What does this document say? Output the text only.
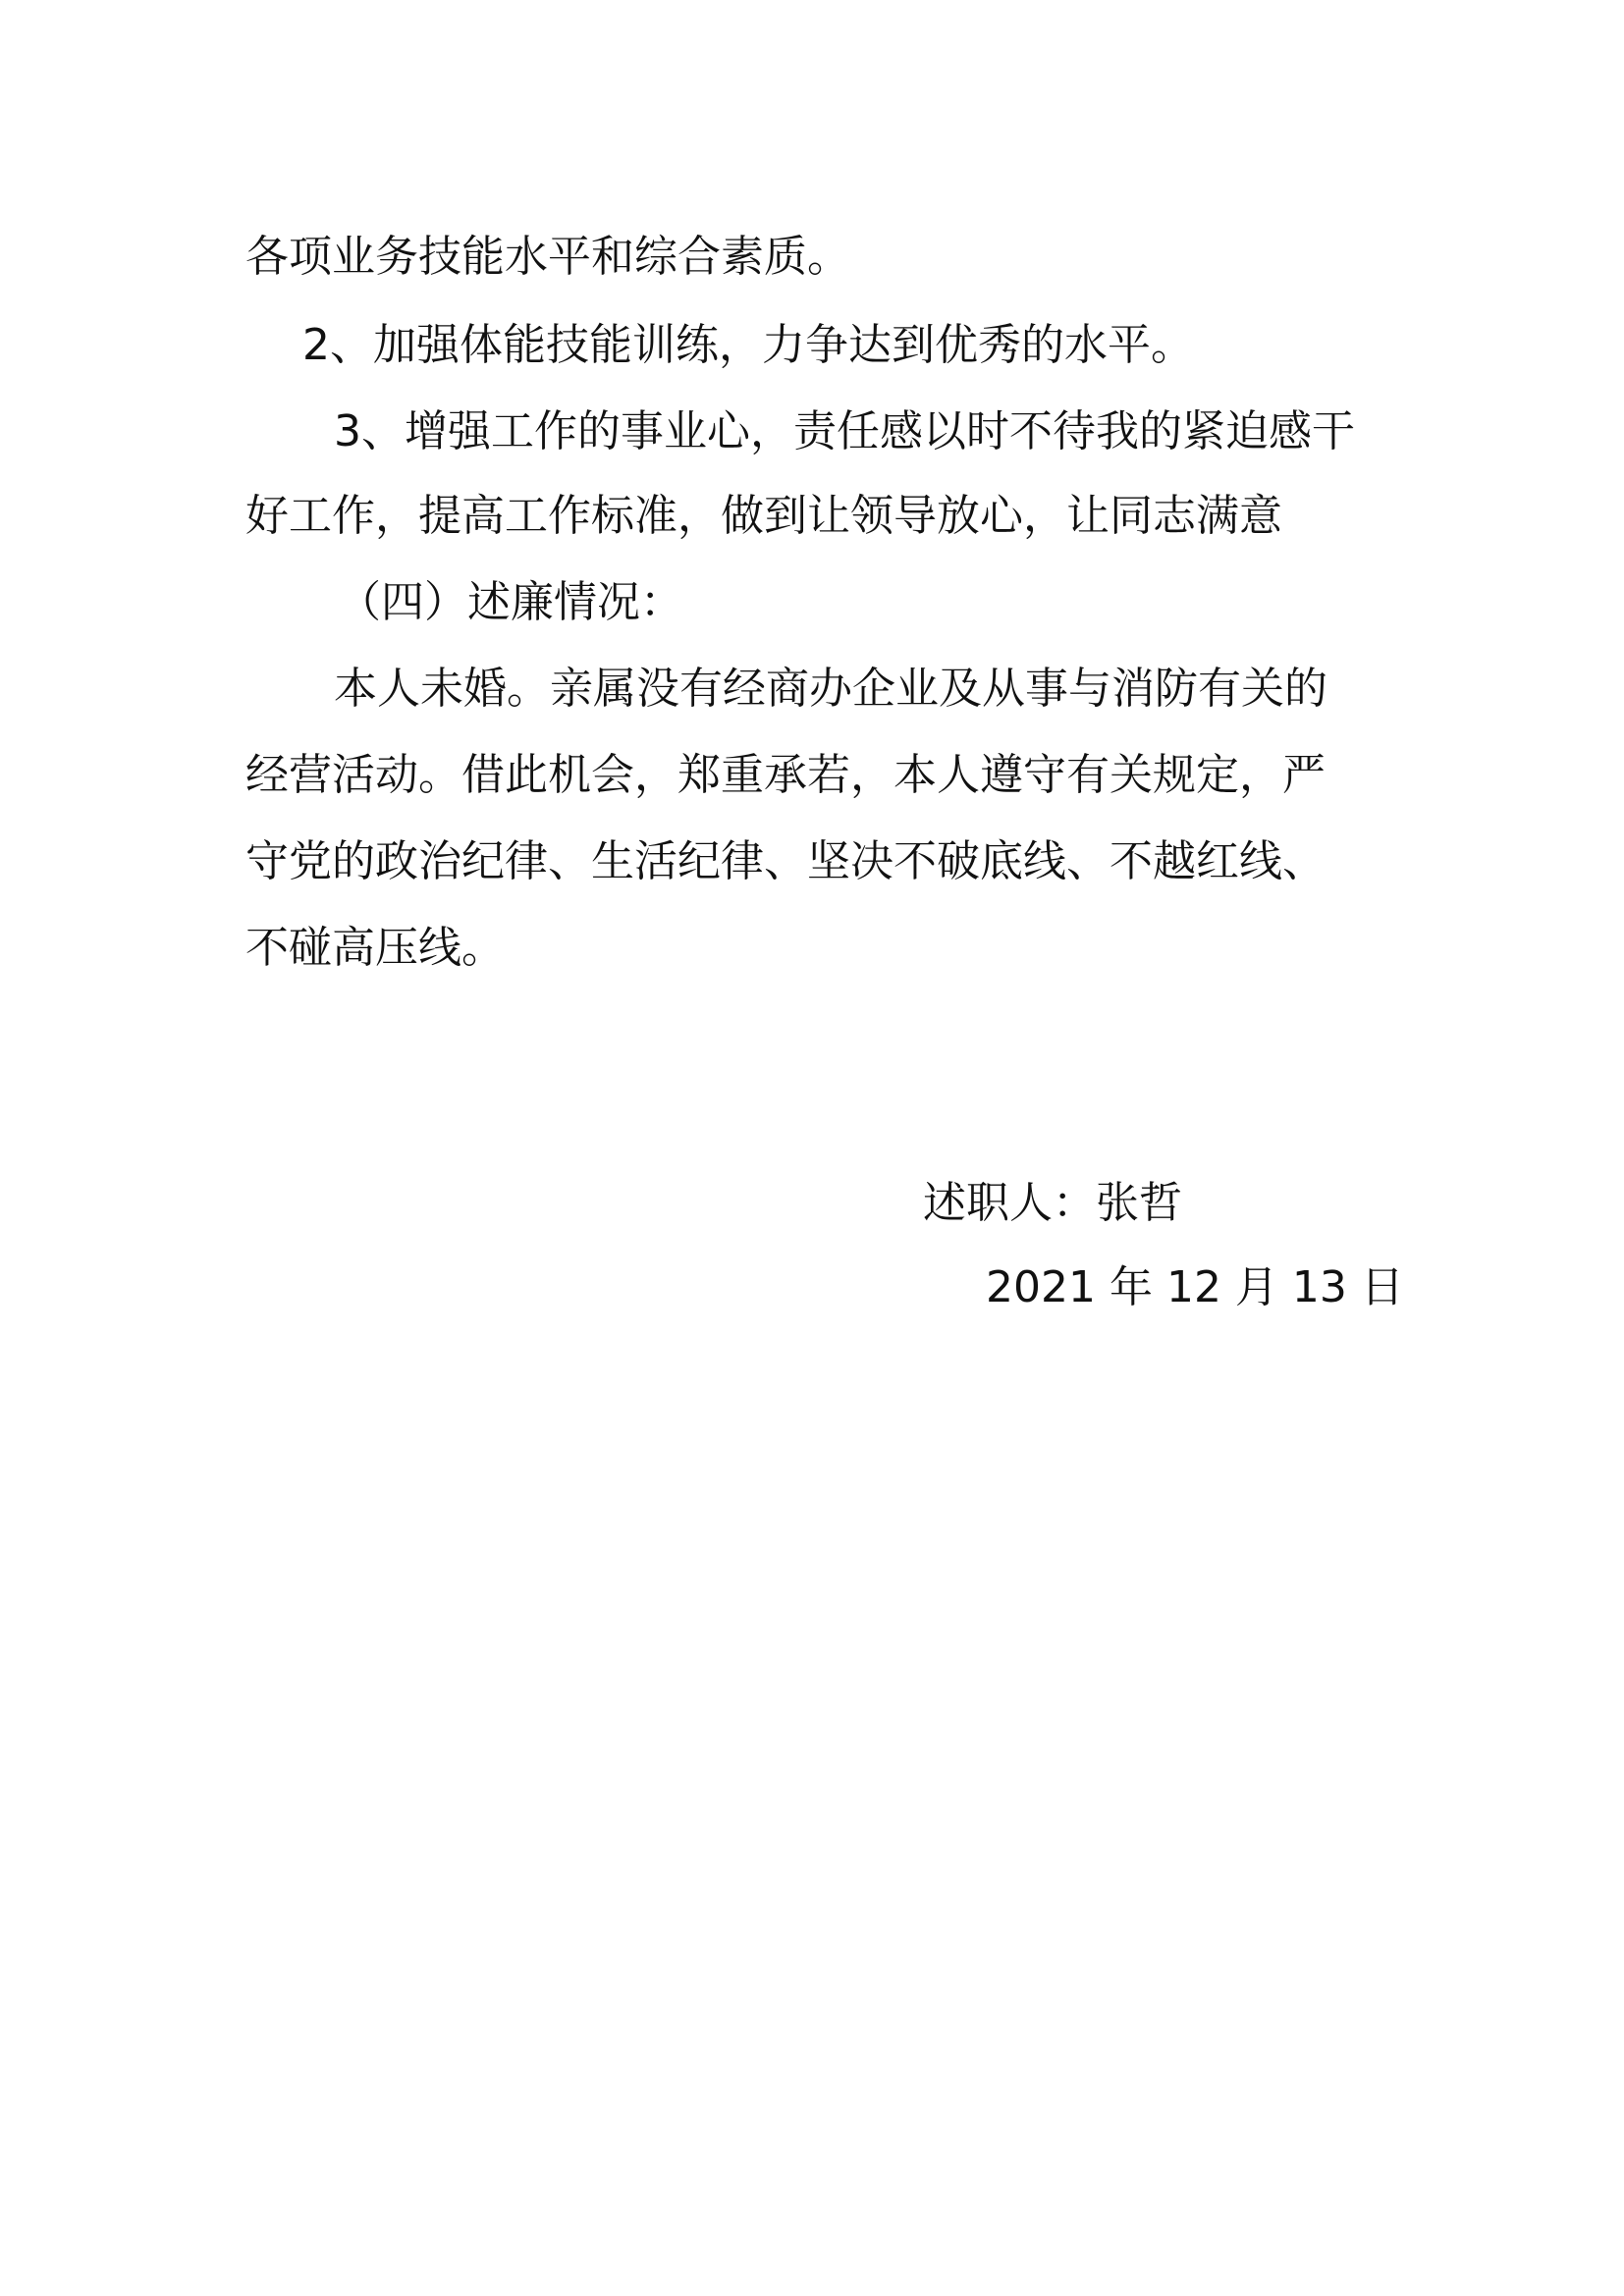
各项业务技能水平和综合素质。
2、加强体能技能训练，力争达到优秀的水平。
3、增强工作的事业心，责任感以时不待我的紧迫感干
好工作，提高工作标准，做到让领导放心，让同志满意
（四）述廉情况：
本人未婚。亲属没有经商办企业及从事与消防有关的
经营活动。借此机会，郑重承若，本人遵守有关规定，严
守党的政治纪律、生活纪律、坚决不破底线、不越红线、
不碰高压线。
述职人：张哲
2021 年 12 月 13 日
